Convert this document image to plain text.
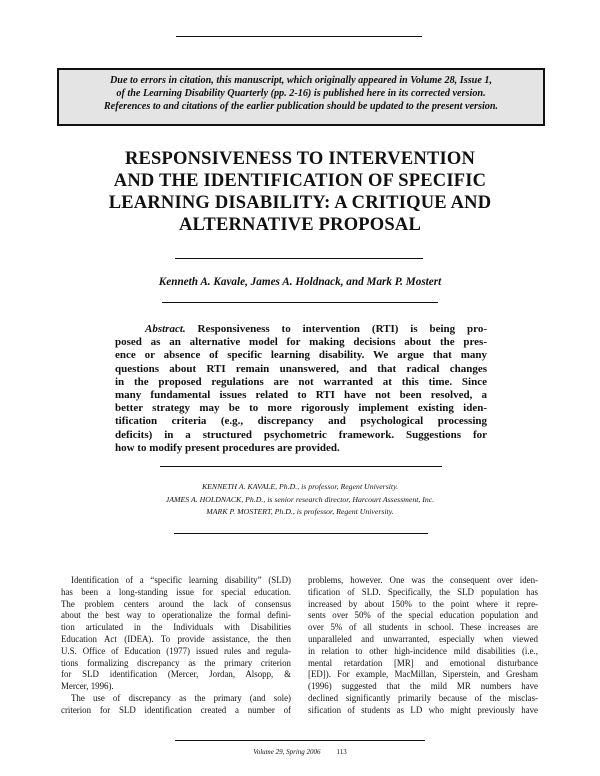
Due to errors in citation, this manuscript, which originally appeared in Volume 28, Issue 1,
of the Learning Disability Quarterly (pp. 2-16) is published here in its corrected version.
References to and citations of the earlier publication should be updated to the present version.
RESPONSIVENESS TO INTERVENTION
AND THE IDENTIFICATION OF SPECIFIC
LEARNING DISABILITY: A CRITIQUE AND
ALTERNATIVE PROPOSAL
Kenneth A. Kavale, James A. Holdnack, and Mark P. Mostert
Abstract. Responsiveness to intervention (RTI) is being pro-
posed as an alternative model for making decisions about the pres-
ence or absence of specific learning disability. We argue that many
questions about RTI remain unanswered, and that radical changes
in the proposed regulations are not warranted at this time. Since
many fundamental issues related to RTI have not been resolved, a
better strategy may be to more rigorously implement existing iden-
tification criteria (e.g., discrepancy and psychological processing
deficits) in a structured psychometric framework. Suggestions for
how to modify present procedures are provided.
KENNETH A. KAVALE, Ph.D., is professor, Regent University.
JAMES A. HOLDNACK, Ph.D., is senior research director, Harcourt Assessment, Inc.
MARK P. MOSTERT, Ph.D., is professor, Regent University.
Identification of a “specific learning disability” (SLD)
has been a long-standing issue for special education.
The problem centers around the lack of consensus
about the best way to operationalize the formal defini-
tion articulated in the Individuals with Disabilities
Education Act (IDEA). To provide assistance, the then
U.S. Office of Education (1977) issued rules and regula-
tions formalizing discrepancy as the primary criterion
for SLD identification (Mercer, Jordan, Alsopp, &
Mercer, 1996).
The use of discrepancy as the primary (and sole)
criterion for SLD identification created a number of
problems, however. One was the consequent over iden-
tification of SLD. Specifically, the SLD population has
increased by about 150% to the point where it repre-
sents over 50% of the special education population and
over 5% of all students in school. These increases are
unparalleled and unwarranted, especially when viewed
in relation to other high-incidence mild disabilities (i.e.,
mental retardation [MR] and emotional disturbance
[ED]). For example, MacMillan, Siperstein, and Gresham
(1996) suggested that the mild MR numbers have
declined significantly primarily because of the misclas-
sification of students as LD who might previously have
Volume 29, Spring 2006 113
